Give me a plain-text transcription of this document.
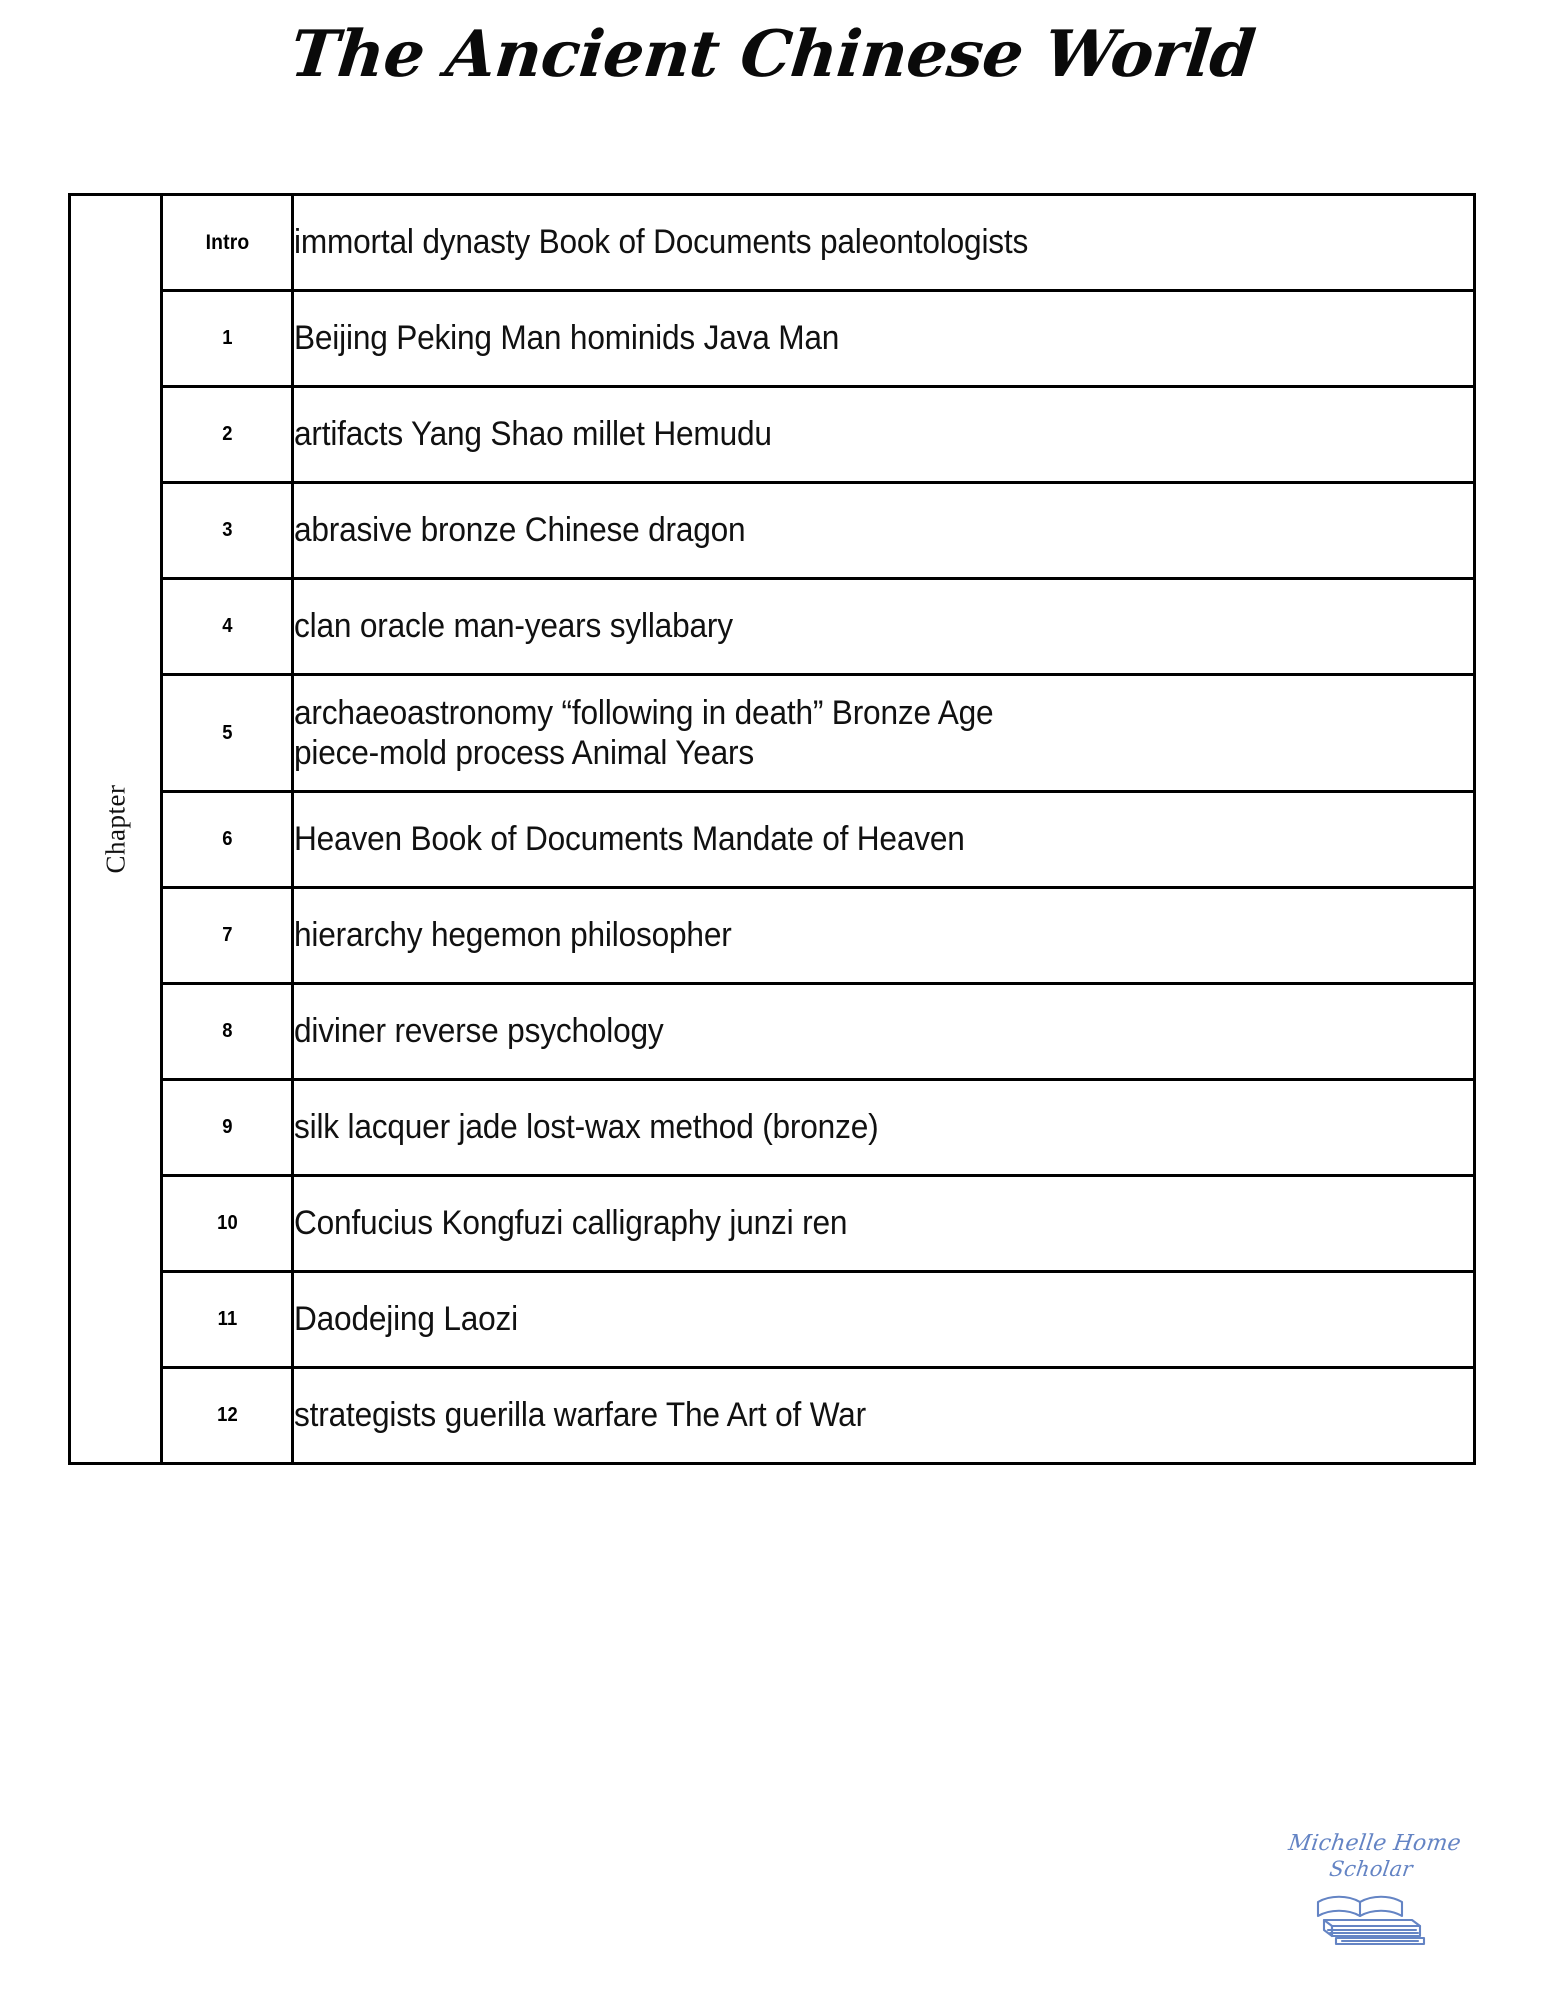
The Ancient Chinese World
Chapter	Intro	immortal dynasty Book of Documents paleontologists

	1	Beijing Peking Man hominids Java Man

	2	artifacts Yang Shao millet Hemudu

	3	abrasive bronze Chinese dragon

	4	clan oracle man-years syllabary

	5	archaeoastronomy “following in death” Bronze Age
piece-mold process Animal Years

	6	Heaven Book of Documents Mandate of Heaven

	7	hierarchy hegemon philosopher

	8	diviner reverse psychology

	9	silk lacquer jade lost-wax method (bronze)

	10	Confucius Kongfuzi calligraphy junzi ren

	11	Daodejing Laozi

	12	strategists guerilla warfare The Art of War
Michelle Home
Scholar
